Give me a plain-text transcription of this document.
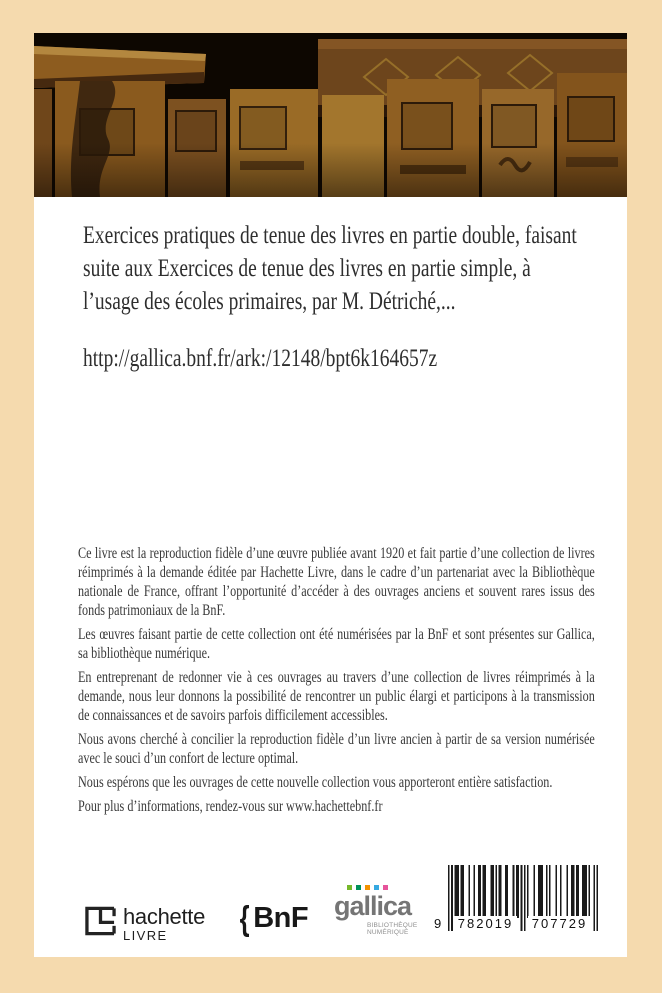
Exercices pratiques de tenue des livres en partie double, faisant suite aux Exercices de tenue des livres en partie simple, à l’usage des écoles primaires, par M. Détriché,...

http://gallica.bnf.fr/ark:/12148/bpt6k164657z

Ce livre est la reproduction fidèle d’une œuvre publiée avant 1920 et fait partie d’une collection de livres réimprimés à la demande éditée par Hachette Livre, dans le cadre d’un partenariat avec la Bibliothèque nationale de France, offrant l’opportunité d’accéder à des ouvrages anciens et souvent rares issus des fonds patrimoniaux de la BnF.

Les œuvres faisant partie de cette collection ont été numérisées par la BnF et sont présentes sur Gallica, sa bibliothèque numérique.

En entreprenant de redonner vie à ces ouvrages au travers d’une collection de livres réimprimés à la demande, nous leur donnons la possibilité de rencontrer un public élargi et participons à la transmission de connaissances et de savoirs parfois difficilement accessibles.

Nous avons cherché à concilier la reproduction fidèle d’un livre ancien à partir de sa version numérisée avec le souci d’un confort de lecture optimal.

Nous espérons que les ouvrages de cette nouvelle collection vous apporteront entière satisfaction.

Pour plus d’informations, rendez-vous sur www.hachettebnf.fr

hachette
LIVRE	{ BnF gallica
BIBLIOTHÈQUE
NUMÉRIQUE
9 782019 707729
